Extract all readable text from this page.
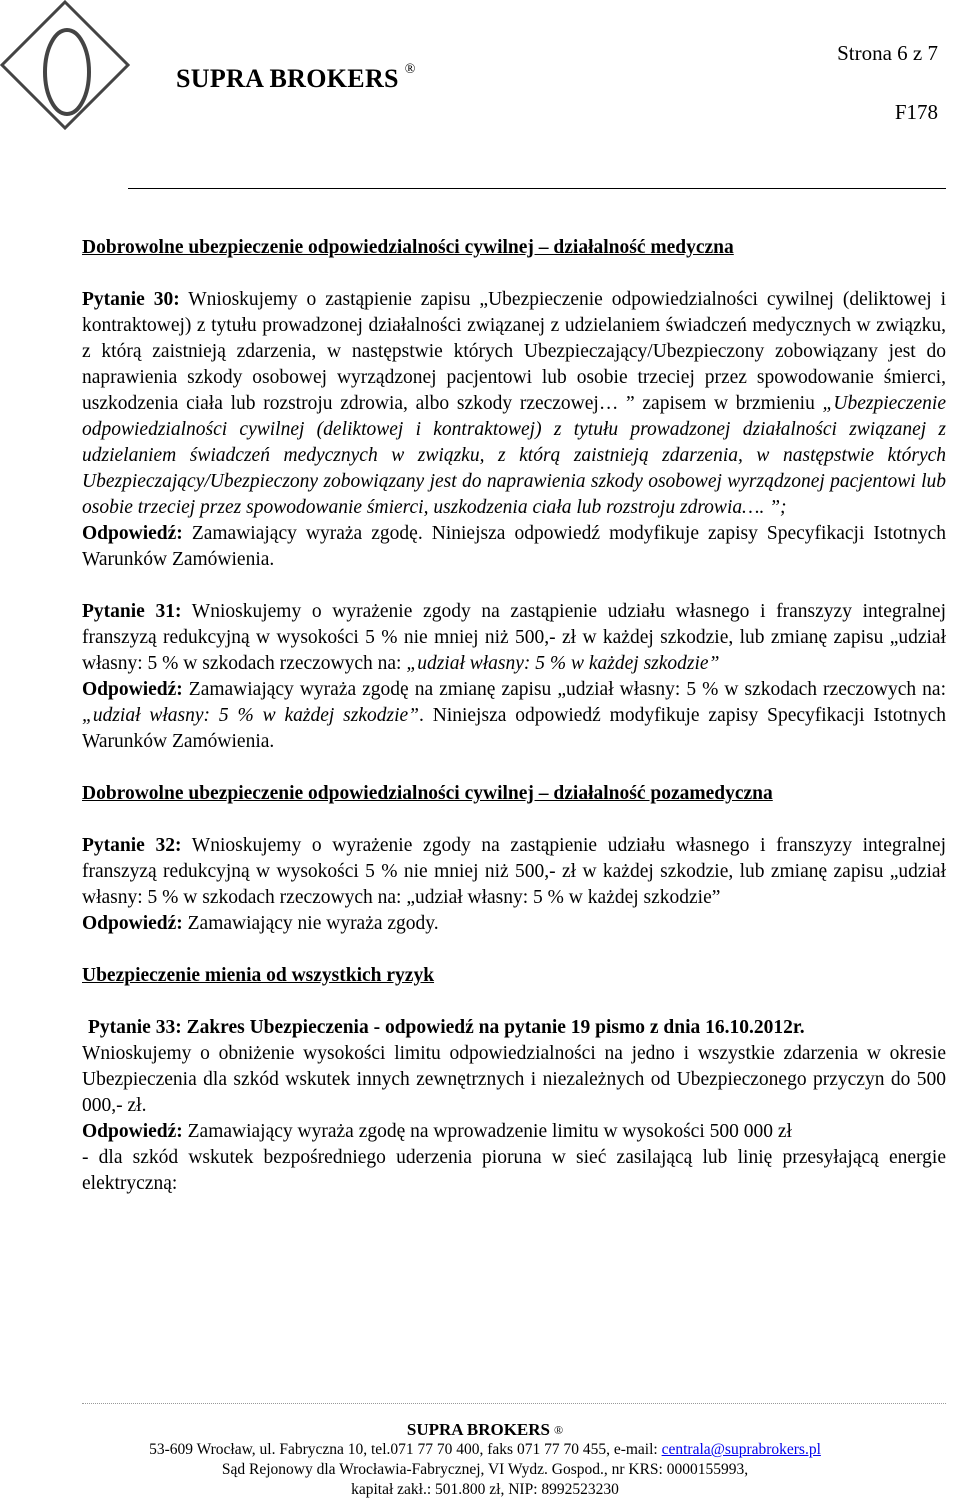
SUPRA BROKERS ®
Strona 6 z 7
F178

Dobrowolne ubezpieczenie odpowiedzialności cywilnej – działalność medyczna

Pytanie 30: Wnioskujemy o zastąpienie zapisu „Ubezpieczenie odpowiedzialności cywilnej (deliktowej i kontraktowej) z tytułu prowadzonej działalności związanej z udzielaniem świadczeń medycznych w związku, z którą zaistnieją zdarzenia, w następstwie których Ubezpieczający/Ubezpieczony zobowiązany jest do naprawienia szkody osobowej wyrządzonej pacjentowi lub osobie trzeciej przez spowodowanie śmierci, uszkodzenia ciała lub rozstroju zdrowia, albo szkody rzeczowej… ” zapisem w brzmieniu „Ubezpieczenie odpowiedzialności cywilnej (deliktowej i kontraktowej) z tytułu prowadzonej działalności związanej z udzielaniem świadczeń medycznych w związku, z którą zaistnieją zdarzenia, w następstwie których Ubezpieczający/Ubezpieczony zobowiązany jest do naprawienia szkody osobowej wyrządzonej pacjentowi lub osobie trzeciej przez spowodowanie śmierci, uszkodzenia ciała lub rozstroju zdrowia…. ”;

Odpowiedź: Zamawiający wyraża zgodę. Niniejsza odpowiedź modyfikuje zapisy Specyfikacji Istotnych Warunków Zamówienia.

Pytanie 31: Wnioskujemy o wyrażenie zgody na zastąpienie udziału własnego i franszyzy integralnej franszyzą redukcyjną w wysokości 5 % nie mniej niż 500,- zł w każdej szkodzie, lub zmianę zapisu „udział własny: 5 % w szkodach rzeczowych na: „udział własny: 5 % w każdej szkodzie”

Odpowiedź: Zamawiający wyraża zgodę na zmianę zapisu „udział własny: 5 % w szkodach rzeczowych na: „udział własny: 5 % w każdej szkodzie”. Niniejsza odpowiedź modyfikuje zapisy Specyfikacji Istotnych Warunków Zamówienia.

Dobrowolne ubezpieczenie odpowiedzialności cywilnej – działalność pozamedyczna

Pytanie 32: Wnioskujemy o wyrażenie zgody na zastąpienie udziału własnego i franszyzy integralnej franszyzą redukcyjną w wysokości 5 % nie mniej niż 500,- zł w każdej szkodzie, lub zmianę zapisu „udział własny: 5 % w szkodach rzeczowych na: „udział własny: 5 % w każdej szkodzie”

Odpowiedź: Zamawiający nie wyraża zgody.

Ubezpieczenie mienia od wszystkich ryzyk

Pytanie 33: Zakres Ubezpieczenia - odpowiedź na pytanie 19 pismo z dnia 16.10.2012r.

Wnioskujemy o obniżenie wysokości limitu odpowiedzialności na jedno i wszystkie zdarzenia w okresie Ubezpieczenia dla szkód wskutek innych zewnętrznych i niezależnych od Ubezpieczonego przyczyn do 500 000,- zł.

Odpowiedź: Zamawiający wyraża zgodę na wprowadzenie limitu w wysokości 500 000 zł

- dla szkód wskutek bezpośredniego uderzenia pioruna w sieć zasilającą lub linię przesyłającą energie elektryczną:

SUPRA BROKERS ®
53-609 Wrocław, ul. Fabryczna 10, tel.071 77 70 400, faks 071 77 70 455, e-mail: centrala@suprabrokers.pl
Sąd Rejonowy dla Wrocławia-Fabrycznej, VI Wydz. Gospod., nr KRS: 0000155993,
kapitał zakł.: 501.800 zł, NIP: 8992523230
